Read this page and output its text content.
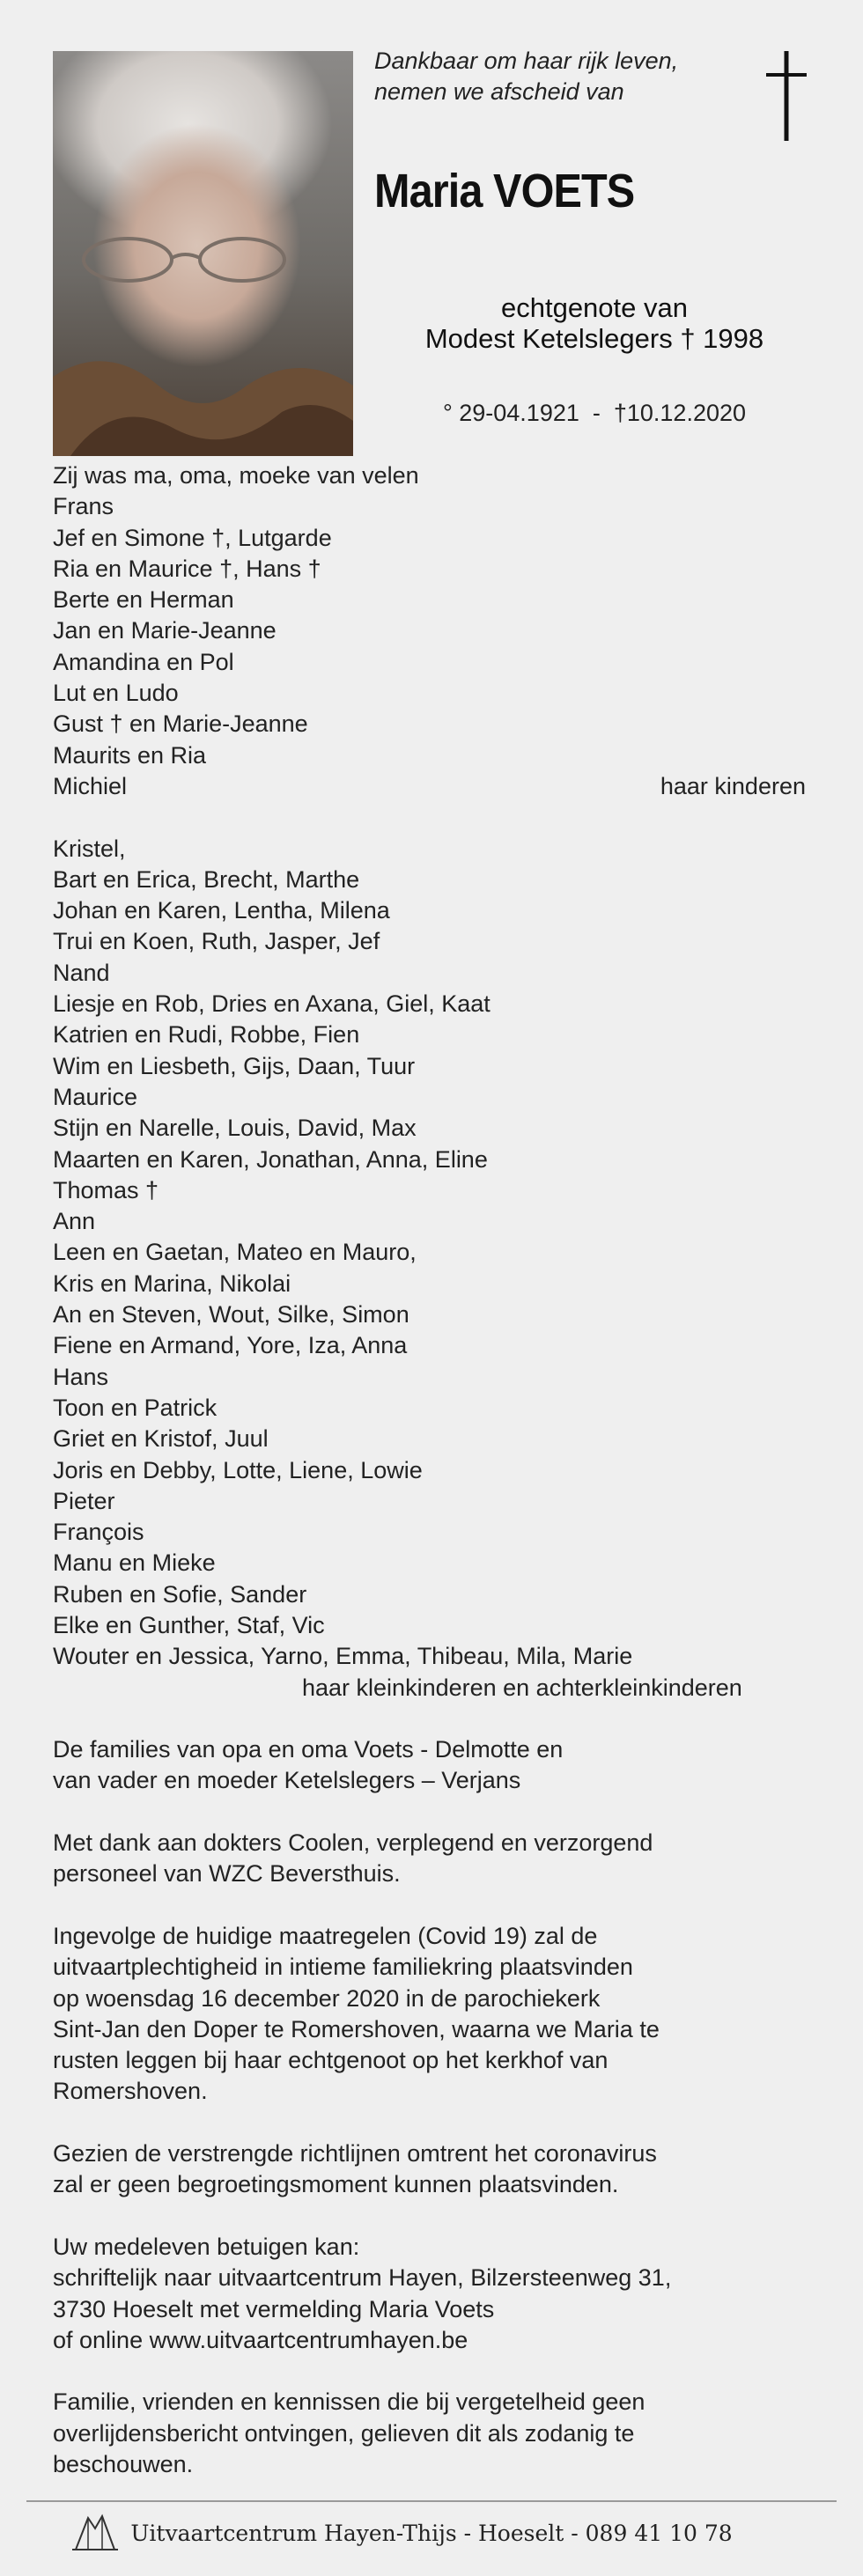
Dankbaar om haar rijk leven,
nemen we afscheid van
Maria VOETS
echtgenote van
Modest Ketelslegers † 1998
° 29-04.1921  -  †10.12.2020
Zij was ma, oma, moeke van velen
Frans
Jef en Simone †, Lutgarde
Ria en Maurice †, Hans †
Berte en Herman
Jan en Marie-Jeanne
Amandina en Pol
Lut en Ludo
Gust † en Marie-Jeanne
Maurits en Ria
Michiel	haar kinderen
Kristel,
Bart en Erica, Brecht, Marthe
Johan en Karen, Lentha, Milena
Trui en Koen, Ruth, Jasper, Jef
Nand
Liesje en Rob, Dries en Axana, Giel, Kaat
Katrien en Rudi, Robbe, Fien
Wim en Liesbeth, Gijs, Daan, Tuur
Maurice
Stijn en Narelle, Louis, David, Max
Maarten en Karen, Jonathan, Anna, Eline
Thomas †
Ann
Leen en Gaetan, Mateo en Mauro,
Kris en Marina, Nikolai
An en Steven, Wout, Silke, Simon
Fiene en Armand, Yore, Iza, Anna
Hans
Toon en Patrick
Griet en Kristof, Juul
Joris en Debby, Lotte, Liene, Lowie
Pieter
François
Manu en Mieke
Ruben en Sofie, Sander
Elke en Gunther, Staf, Vic
Wouter en Jessica, Yarno, Emma, Thibeau, Mila, Marie
haar kleinkinderen en achterkleinkinderen
De families van opa en oma Voets - Delmotte en
van vader en moeder Ketelslegers – Verjans
Met dank aan dokters Coolen, verplegend en verzorgend
personeel van WZC Beversthuis.
Ingevolge de huidige maatregelen (Covid 19) zal de
uitvaartplechtigheid in intieme familiekring plaatsvinden
op woensdag 16 december 2020 in de parochiekerk
Sint-Jan den Doper te Romershoven, waarna we Maria te
rusten leggen bij haar echtgenoot op het kerkhof van
Romershoven.
Gezien de verstrengde richtlijnen omtrent het coronavirus
zal er geen begroetingsmoment kunnen plaatsvinden.
Uw medeleven betuigen kan:
schriftelijk naar uitvaartcentrum Hayen, Bilzersteenweg 31,
3730 Hoeselt met vermelding Maria Voets
of online www.uitvaartcentrumhayen.be
Familie, vrienden en kennissen die bij vergetelheid geen
overlijdensbericht ontvingen, gelieven dit als zodanig te
beschouwen.
Uitvaartcentrum Hayen-Thijs - Hoeselt - 089 41 10 78
